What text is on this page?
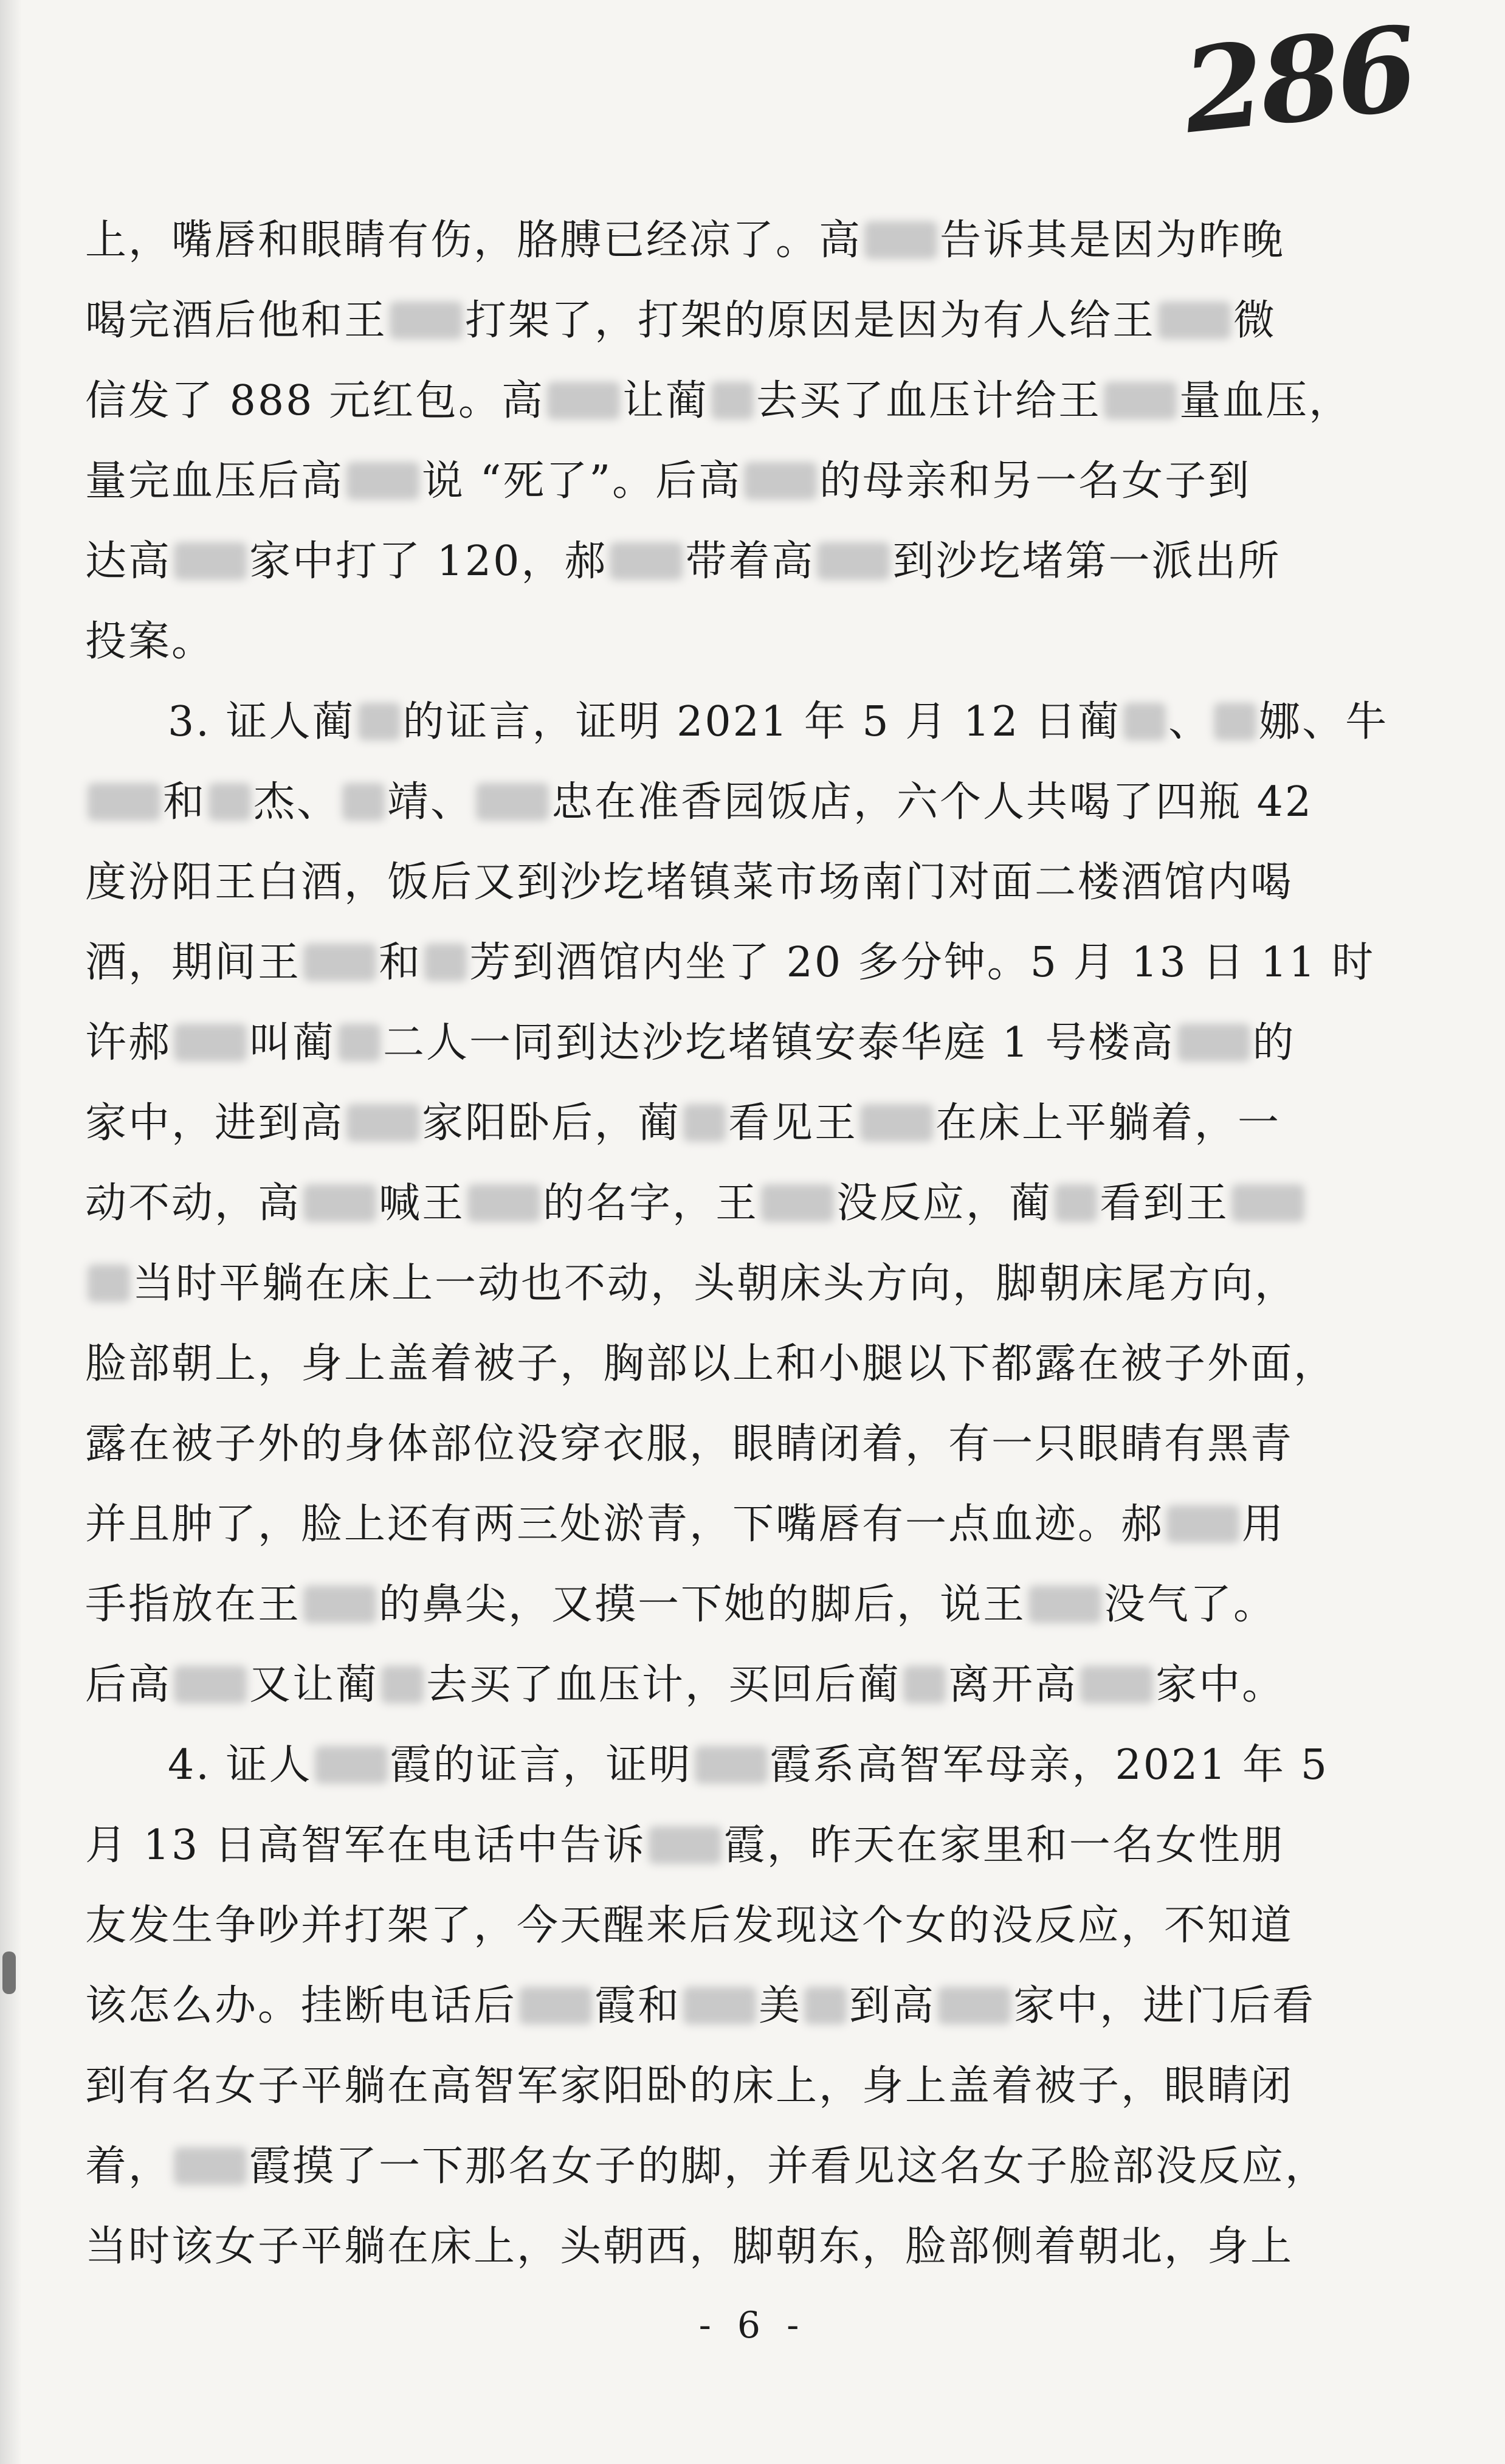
286
上，嘴唇和眼睛有伤，胳膊已经凉了。高 告诉其是因为昨晚
喝完酒后他和王 打架了，打架的原因是因为有人给王 微
信发了 888 元红包。高 让蔺 去买了血压计给王 量血压，
量完血压后高 说 “死了”。后高 的母亲和另一名女子到
达高 家中打了 120，郝 带着高 到沙圪堵第一派出所
投案。
3. 证人蔺 的证言，证明 2021 年 5 月 12 日蔺 、 娜、牛
和 杰、 靖、 忠在准香园饭店，六个人共喝了四瓶 42
度汾阳王白酒，饭后又到沙圪堵镇菜市场南门对面二楼酒馆内喝
酒，期间王 和 芳到酒馆内坐了 20 多分钟。5 月 13 日 11 时
许郝 叫蔺 二人一同到达沙圪堵镇安泰华庭 1 号楼高 的
家中，进到高 家阳卧后，蔺 看见王 在床上平躺着，一
动不动，高 喊王 的名字，王 没反应，蔺 看到王
当时平躺在床上一动也不动，头朝床头方向，脚朝床尾方向，
脸部朝上，身上盖着被子，胸部以上和小腿以下都露在被子外面，
露在被子外的身体部位没穿衣服，眼睛闭着，有一只眼睛有黑青
并且肿了，脸上还有两三处淤青，下嘴唇有一点血迹。郝 用
手指放在王 的鼻尖，又摸一下她的脚后，说王 没气了。
后高 又让蔺 去买了血压计，买回后蔺 离开高 家中。
4. 证人 霞的证言，证明 霞系高智军母亲，2021 年 5
月 13 日高智军在电话中告诉 霞，昨天在家里和一名女性朋
友发生争吵并打架了，今天醒来后发现这个女的没反应，不知道
该怎么办。挂断电话后 霞和 美 到高 家中，进门后看
到有名女子平躺在高智军家阳卧的床上，身上盖着被子，眼睛闭
着， 霞摸了一下那名女子的脚，并看见这名女子脸部没反应，
当时该女子平躺在床上，头朝西，脚朝东，脸部侧着朝北，身上
- 6 -
